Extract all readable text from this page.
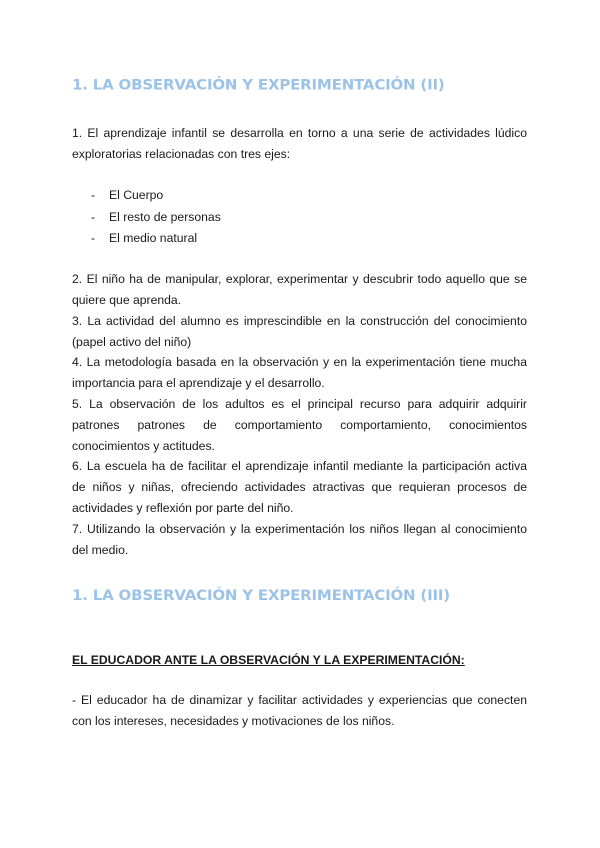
1. LA OBSERVACIÓN Y EXPERIMENTACIÓN (II)

1. El aprendizaje infantil se desarrolla en torno a una serie de actividades lúdico exploratorias relacionadas con tres ejes:

-	El Cuerpo
-	El resto de personas
-	El medio natural

2. El niño ha de manipular, explorar, experimentar y descubrir todo aquello que se quiere que aprenda.

3. La actividad del alumno es imprescindible en la construcción del conocimiento (papel activo del niño)

4. La metodología basada en la observación y en la experimentación tiene mucha importancia para el aprendizaje y el desarrollo.

5. La observación de los adultos es el principal recurso para adquirir adquirir patrones patrones de comportamiento comportamiento, conocimientos conocimientos y actitudes.

6. La escuela ha de facilitar el aprendizaje infantil mediante la participación activa de niños y niñas, ofreciendo actividades atractivas que requieran procesos de actividades y reflexión por parte del niño.

7. Utilizando la observación y la experimentación los niños llegan al conocimiento del medio.

1. LA OBSERVACIÓN Y EXPERIMENTACIÓN (III)

EL EDUCADOR ANTE LA OBSERVACIÓN Y LA EXPERIMENTACIÓN:

- El educador ha de dinamizar y facilitar actividades y experiencias que conecten con los intereses, necesidades y motivaciones de los niños.
